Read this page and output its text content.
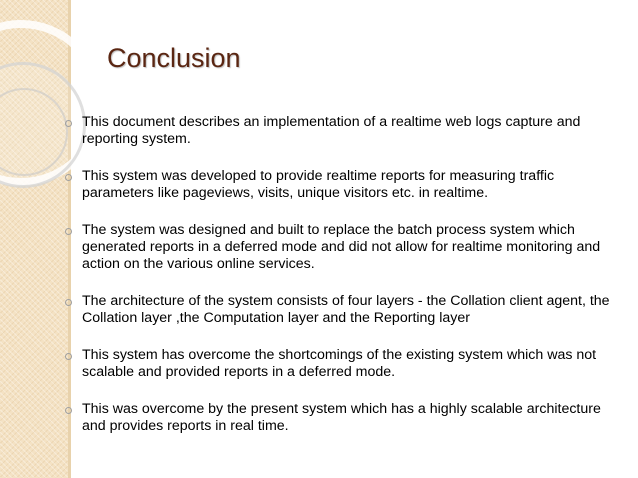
Conclusion
This document describes an implementation of a realtime web logs capture and reporting system.
This system was developed to provide realtime reports for measuring traffic parameters like pageviews, visits, unique visitors etc. in realtime.
The system was designed and built to replace the batch process system which generated reports in a deferred mode and did not allow for realtime monitoring and action on the various online services.
The architecture of the system consists of four layers - the Collation client agent, the Collation layer ,the Computation layer and the Reporting layer
This system has overcome the shortcomings of the existing system which was not scalable and provided reports in a deferred mode.
This was overcome by the present system which has a highly scalable architecture and provides reports in real time.
